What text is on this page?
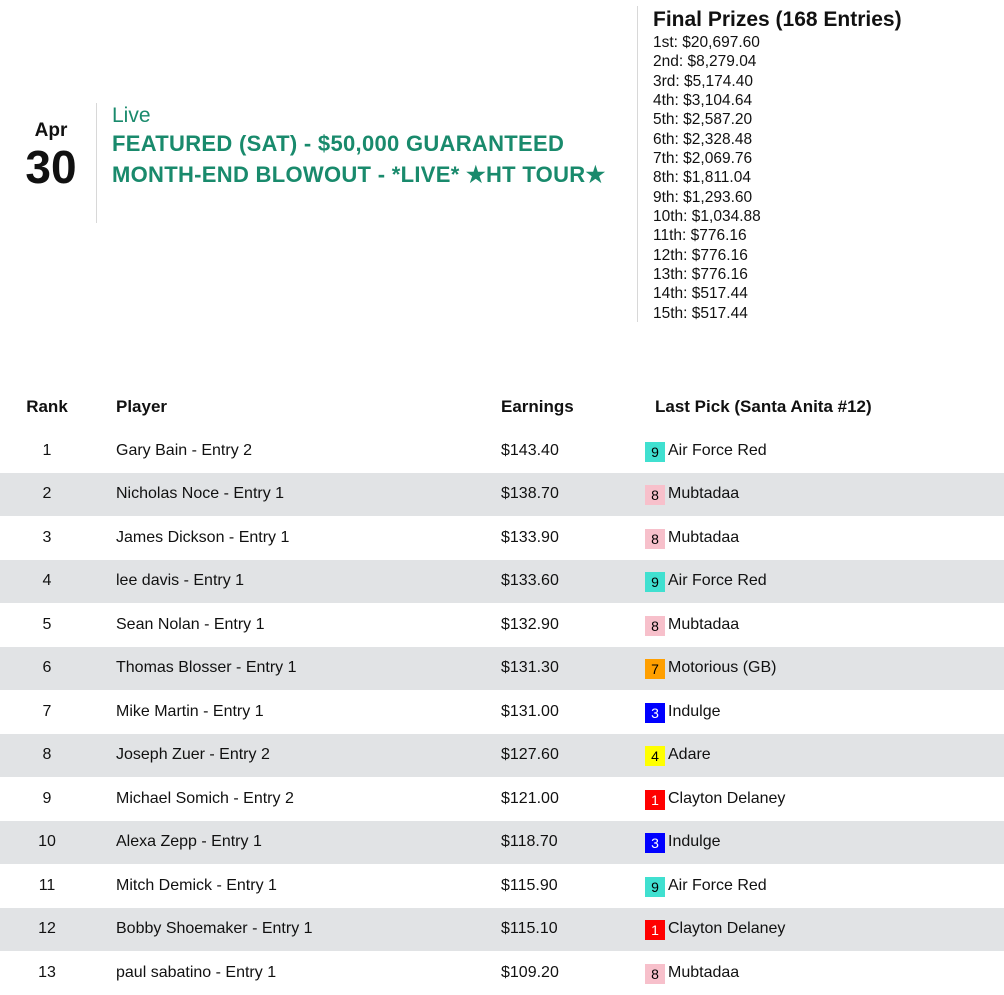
Apr
30
Live
FEATURED (SAT) - $50,000 GUARANTEED MONTH-END BLOWOUT - *LIVE* ★HT TOUR★
Final Prizes (168 Entries)
1st: $20,697.60
2nd: $8,279.04
3rd: $5,174.40
4th: $3,104.64
5th: $2,587.20
6th: $2,328.48
7th: $2,069.76
8th: $1,811.04
9th: $1,293.60
10th: $1,034.88
11th: $776.16
12th: $776.16
13th: $776.16
14th: $517.44
15th: $517.44
Rank	Player	Earnings	Last Pick (Santa Anita #12)
1	Gary Bain - Entry 2	$143.40	9 Air Force Red
2	Nicholas Noce - Entry 1	$138.70	8 Mubtadaa
3	James Dickson - Entry 1	$133.90	8 Mubtadaa
4	lee davis - Entry 1	$133.60	9 Air Force Red
5	Sean Nolan - Entry 1	$132.90	8 Mubtadaa
6	Thomas Blosser - Entry 1	$131.30	7 Motorious (GB)
7	Mike Martin - Entry 1	$131.00	3 Indulge
8	Joseph Zuer - Entry 2	$127.60	4 Adare
9	Michael Somich - Entry 2	$121.00	1 Clayton Delaney
10	Alexa Zepp - Entry 1	$118.70	3 Indulge
11	Mitch Demick - Entry 1	$115.90	9 Air Force Red
12	Bobby Shoemaker - Entry 1	$115.10	1 Clayton Delaney
13	paul sabatino - Entry 1	$109.20	8 Mubtadaa
